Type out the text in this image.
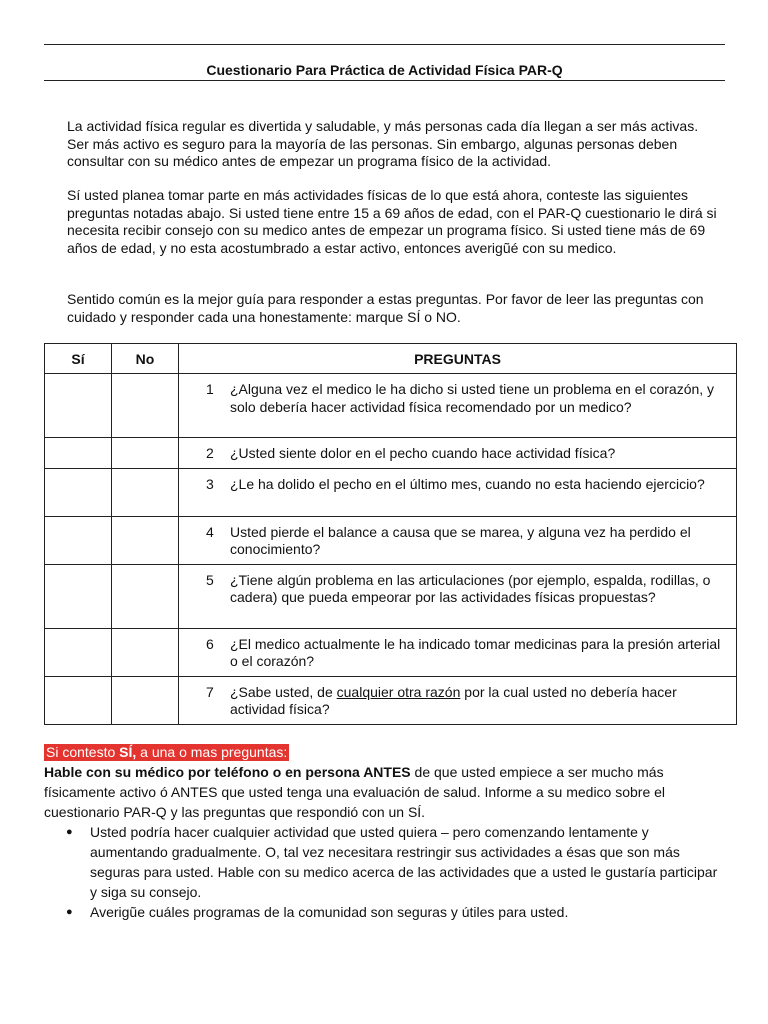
Cuestionario Para Práctica de Actividad Física PAR-Q
La actividad física regular es divertida y saludable, y más personas cada día llegan a ser más activas. Ser más activo es seguro para la mayoría de las personas. Sin embargo, algunas personas deben consultar con su médico antes de empezar un programa físico de la actividad.
Sí usted planea tomar parte en más actividades físicas de lo que está ahora, conteste las siguientes preguntas notadas abajo. Si usted tiene entre 15 a 69 años de edad, con el PAR-Q cuestionario le dirá si necesita recibir consejo con su medico antes de empezar un programa físico. Si usted tiene más de 69 años de edad, y no esta acostumbrado a estar activo, entonces averigũé con su medico.
Sentido común es la mejor guía para responder a estas preguntas. Por favor de leer las preguntas con cuidado y responder cada una honestamente: marque SÍ o NO.
Sí	No	PREGUNTAS

		1 ¿Alguna vez el medico le ha dicho si usted tiene un problema en el corazón, y solo debería hacer actividad física recomendado por un medico?

		2 ¿Usted siente dolor en el pecho cuando hace actividad física?

		3 ¿Le ha dolido el pecho en el último mes, cuando no esta haciendo ejercicio?

		4 Usted pierde el balance a causa que se marea, y alguna vez ha perdido el conocimiento?

		5 ¿Tiene algún problema en las articulaciones (por ejemplo, espalda, rodillas, o cadera) que pueda empeorar por las actividades físicas propuestas?

		6 ¿El medico actualmente le ha indicado tomar medicinas para la presión arterial o el corazón?

		7 ¿Sabe usted, de cualquier otra razón por la cual usted no debería hacer actividad física?
Si contesto SÍ, a una o mas preguntas:
Hable con su médico por teléfono o en persona ANTES de que usted empiece a ser mucho más físicamente activo ó ANTES que usted tenga una evaluación de salud. Informe a su medico sobre el cuestionario PAR-Q y las preguntas que respondió con un SÍ.
●	Usted podría hacer cualquier actividad que usted quiera – pero comenzando lentamente y aumentando gradualmente. O, tal vez necesitara restringir sus actividades a ésas que son más seguras para usted. Hable con su medico acerca de las actividades que a usted le gustaría participar y siga su consejo.
●	Averigũe cuáles programas de la comunidad son seguras y útiles para usted.
